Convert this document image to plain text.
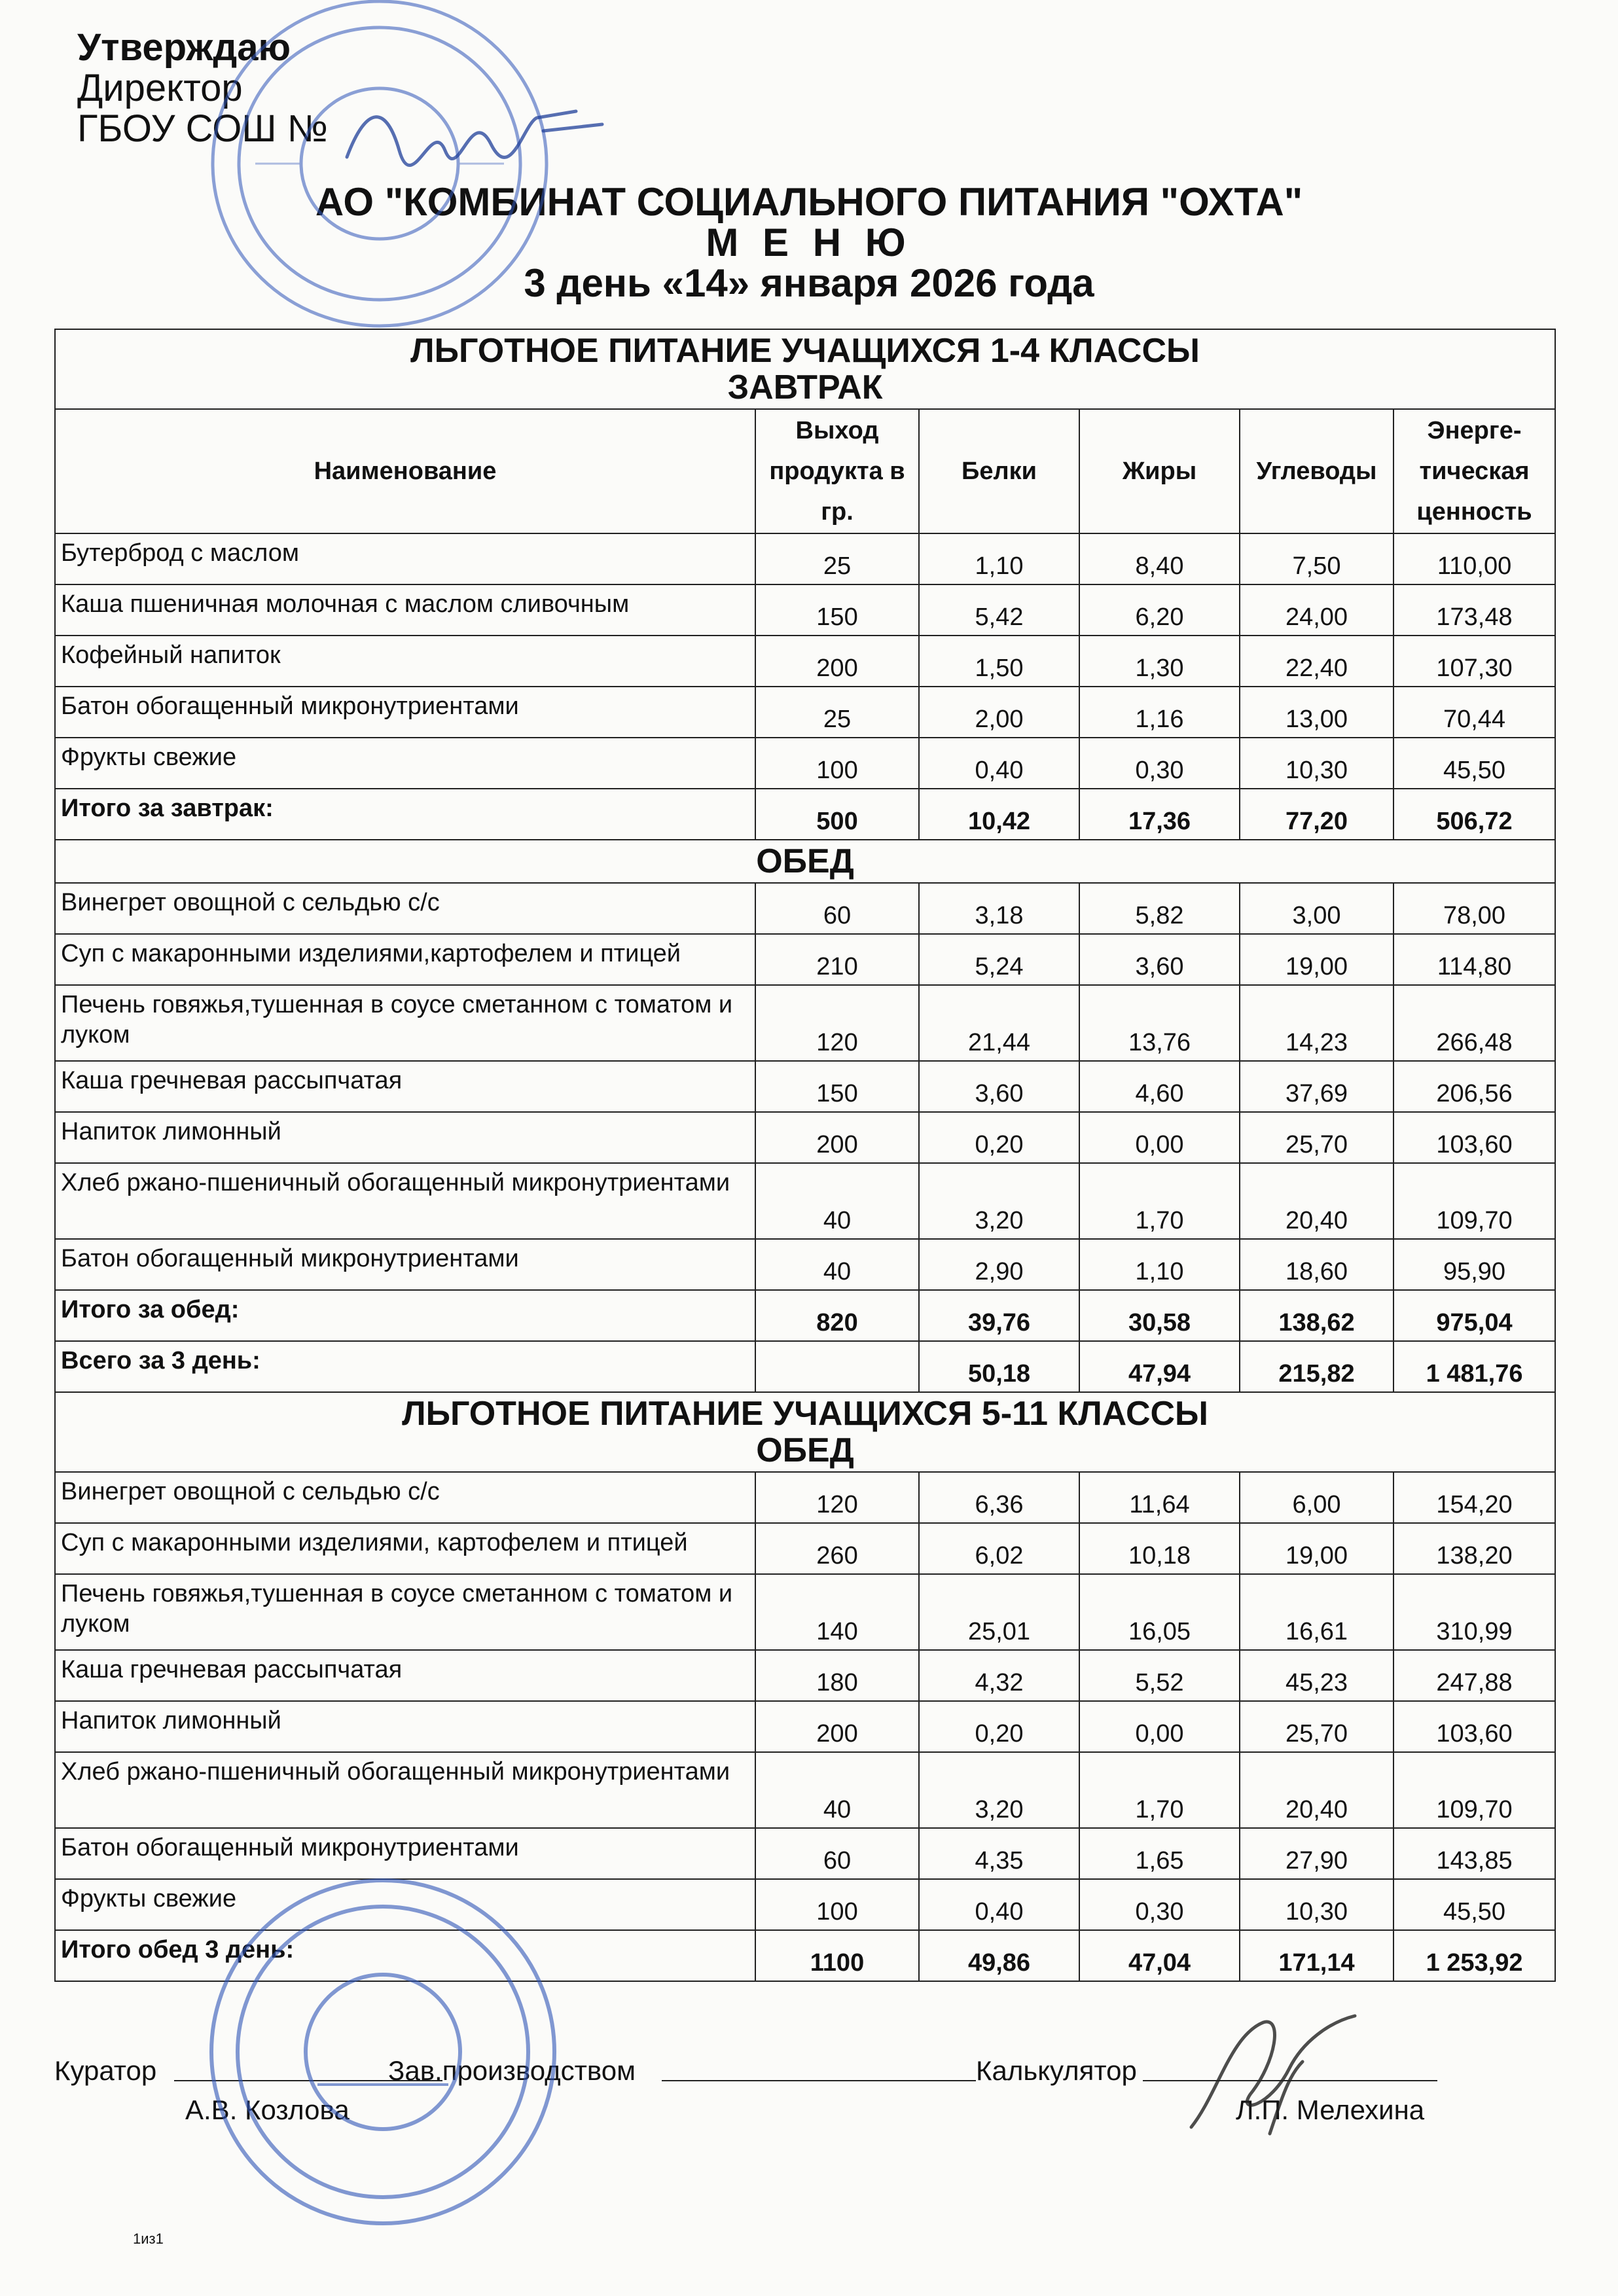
Утверждаю
Директор
ГБОУ СОШ №
АО "КОМБИНАТ СОЦИАЛЬНОГО ПИТАНИЯ "ОХТА"
М Е Н Ю
3 день «14» января 2026 года
ЛЬГОТНОЕ ПИТАНИЕ УЧАЩИХСЯ 1-4 КЛАССЫ
ЗАВТРАК					

Наименование	Выход продукта в гр.	Белки	Жиры	Углеводы	Энерге-тическая ценность
Бутерброд с маслом	25	1,10	8,40	7,50	110,00
Каша пшеничная молочная с маслом сливочным	150	5,42	6,20	24,00	173,48
Кофейный напиток	200	1,50	1,30	22,40	107,30
Батон обогащенный микронутриентами	25	2,00	1,16	13,00	70,44
Фрукты свежие	100	0,40	0,30	10,30	45,50
Итого за завтрак:	500	10,42	17,36	77,20	506,72

ОБЕД					

Винегрет овощной с сельдью с/с	60	3,18	5,82	3,00	78,00
Суп с макаронными изделиями,картофелем и птицей	210	5,24	3,60	19,00	114,80
Печень говяжья,тушенная в соусе сметанном с томатом и луком	120	21,44	13,76	14,23	266,48
Каша гречневая рассыпчатая	150	3,60	4,60	37,69	206,56
Напиток лимонный	200	0,20	0,00	25,70	103,60
Хлеб ржано-пшеничный обогащенный микронутриентами	40	3,20	1,70	20,40	109,70
Батон обогащенный микронутриентами	40	2,90	1,10	18,60	95,90
Итого за обед:	820	39,76	30,58	138,62	975,04
Всего за 3 день:		50,18	47,94	215,82	1 481,76

ЛЬГОТНОЕ ПИТАНИЕ УЧАЩИХСЯ 5-11 КЛАССЫ
ОБЕД					

Винегрет овощной с сельдью с/с	120	6,36	11,64	6,00	154,20
Суп с макаронными изделиями, картофелем и птицей	260	6,02	10,18	19,00	138,20
Печень говяжья,тушенная в соусе сметанном с томатом и луком	140	25,01	16,05	16,61	310,99
Каша гречневая рассыпчатая	180	4,32	5,52	45,23	247,88
Напиток лимонный	200	0,20	0,00	25,70	103,60
Хлеб ржано-пшеничный обогащенный микронутриентами	40	3,20	1,70	20,40	109,70
Батон обогащенный микронутриентами	60	4,35	1,65	27,90	143,85
Фрукты свежие	100	0,40	0,30	10,30	45,50
Итого обед 3 день:	1100	49,86	47,04	171,14	1 253,92
Куратор	Зав.производством	Калькулятор
А.В. Козлова	Л.П. Мелехина
1из1
